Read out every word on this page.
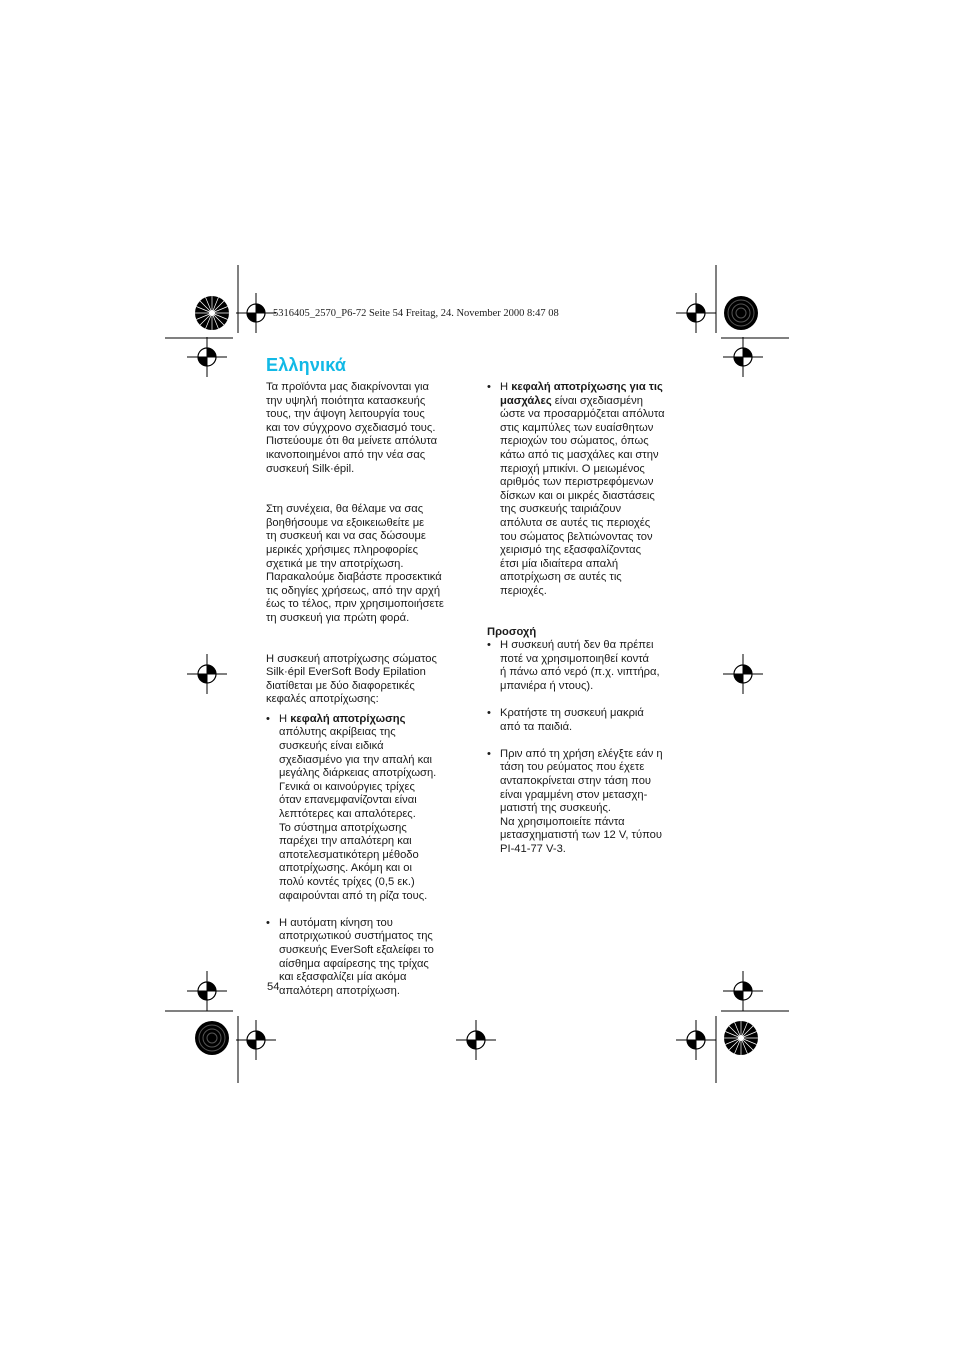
5316405_2570_P6-72 Seite 54 Freitag, 24. November 2000 8:47 08
Ελληνικά

Τα προϊόντα μας διακρίνονται για
την υψηλή ποιότητα κατασκευής
τους, την άψογη λειτουργία τους
και τον σύγχρονο σχεδιασμό τους.
Πιστεύουμε ότι θα μείνετε απόλυτα
ικανοποιημένοι από την νέα σας
συσκευή Silk·épil.

Στη συνέχεια, θα θέλαμε να σας
βοηθήσουμε να εξοικειωθείτε με
τη συσκευή και να σας δώσουμε
μερικές χρήσιμες πληροφορίες
σχετικά με την αποτρίχωση.
Παρακαλούμε διαβάστε προσεκτικά
τις οδηγίες χρήσεως, από την αρχή
έως το τέλος, πριν χρησιμοποιήσετε
τη συσκευή για πρώτη φορά.

Η συσκευή αποτρίχωσης σώματος
Silk·épil EverSoft Body Epilation
διατίθεται με δύο διαφορετικές
κεφαλές αποτρίχωσης:

• Η κεφαλή αποτρίχωσης
απόλυτης ακρίβειας της
συσκευής είναι ειδικά
σχεδιασμένο για την απαλή και
μεγάλης διάρκειας αποτρίχωση.
Γενικά οι καινούργιες τρίχες
όταν επανεμφανίζονται είναι
λεπτότερες και απαλότερες.
Το σύστημα αποτρίχωσης
παρέχει την απαλότερη και
αποτελεσματικότερη μέθοδο
αποτρίχωσης. Ακόμη και οι
πολύ κοντές τρίχες (0,5 εκ.)
αφαιρούνται από τη ρίζα τους.
• Η αυτόματη κίνηση του
αποτριχωτικού συστήματος της
συσκευής EverSoft εξαλείφει το
αίσθημα αφαίρεσης της τρίχας
και εξασφαλίζει μία ακόμα
απαλότερη αποτρίχωση.
• Η κεφαλή αποτρίχωσης για τις
μασχάλες είναι σχεδιασμένη
ώστε να προσαρμόζεται απόλυτα
στις καμπύλες των ευαίσθητων
περιοχών του σώματος, όπως
κάτω από τις μασχάλες και στην
περιοχή μπικίνι. Ο μειωμένος
αριθμός των περιστρεφόμενων
δίσκων και οι μικρές διαστάσεις
της συσκευής ταιριάζουν
απόλυτα σε αυτές τις περιοχές
του σώματος βελτιώνοντας τον
χειρισμό της εξασφαλίζοντας
έτσι μία ιδιαίτερα απαλή
αποτρίχωση σε αυτές τις
περιοχές.

Προσοχή

• Η συσκευή αυτή δεν θα πρέπει
ποτέ να χρησιμοποιηθεί κοντά
ή πάνω από νερό (π.χ. νιπτήρα,
μπανιέρα ή ντους).
• Κρατήστε τη συσκευή μακριά
από τα παιδιά.
• Πριν από τη χρήση ελέγξτε εάν η
τάση του ρεύματος που έχετε
ανταποκρίνεται στην τάση που
είναι γραμμένη στον μετασχη-
ματιστή της συσκευής.
Να χρησιμοποιείτε πάντα
μετασχηματιστή των 12 V, τύπου
PI-41-77 V-3.
54
